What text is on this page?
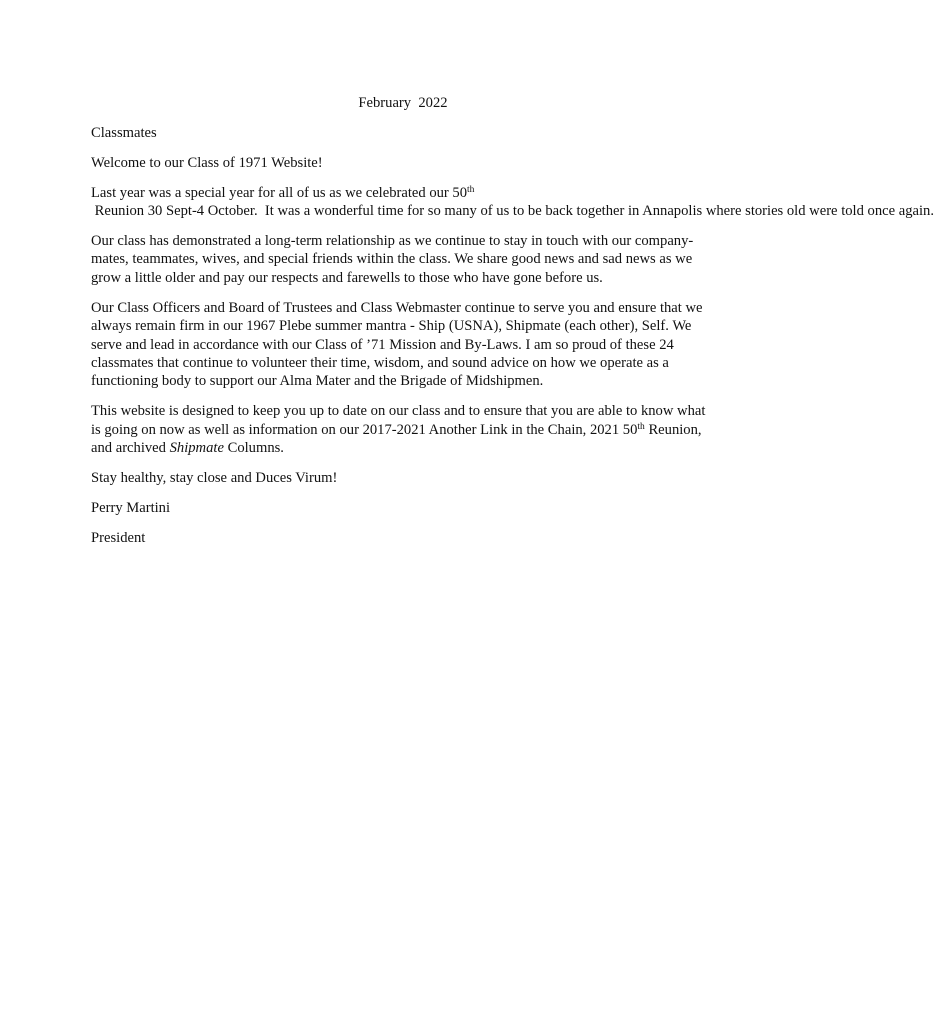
February  2022

Classmates

Welcome to our Class of 1971 Website!

Last year was a special year for all of us as we celebrated our 50th Reunion 30 Sept-4 October.  It was a wonderful time for so many of us to be back together in Annapolis where stories old were told once again.

Our class has demonstrated a long-term relationship as we continue to stay in touch with our company-mates, teammates, wives, and special friends within the class. We share good news and sad news as we grow a little older and pay our respects and farewells to those who have gone before us.

Our Class Officers and Board of Trustees and Class Webmaster continue to serve you and ensure that we always remain firm in our 1967 Plebe summer mantra - Ship (USNA), Shipmate (each other), Self. We serve and lead in accordance with our Class of ’71 Mission and By-Laws. I am so proud of these 24 classmates that continue to volunteer their time, wisdom, and sound advice on how we operate as a functioning body to support our Alma Mater and the Brigade of Midshipmen.

This website is designed to keep you up to date on our class and to ensure that you are able to know what is going on now as well as information on our 2017-2021 Another Link in the Chain, 2021 50th Reunion, and archived Shipmate Columns.

Stay healthy, stay close and Duces Virum!

Perry Martini

President
